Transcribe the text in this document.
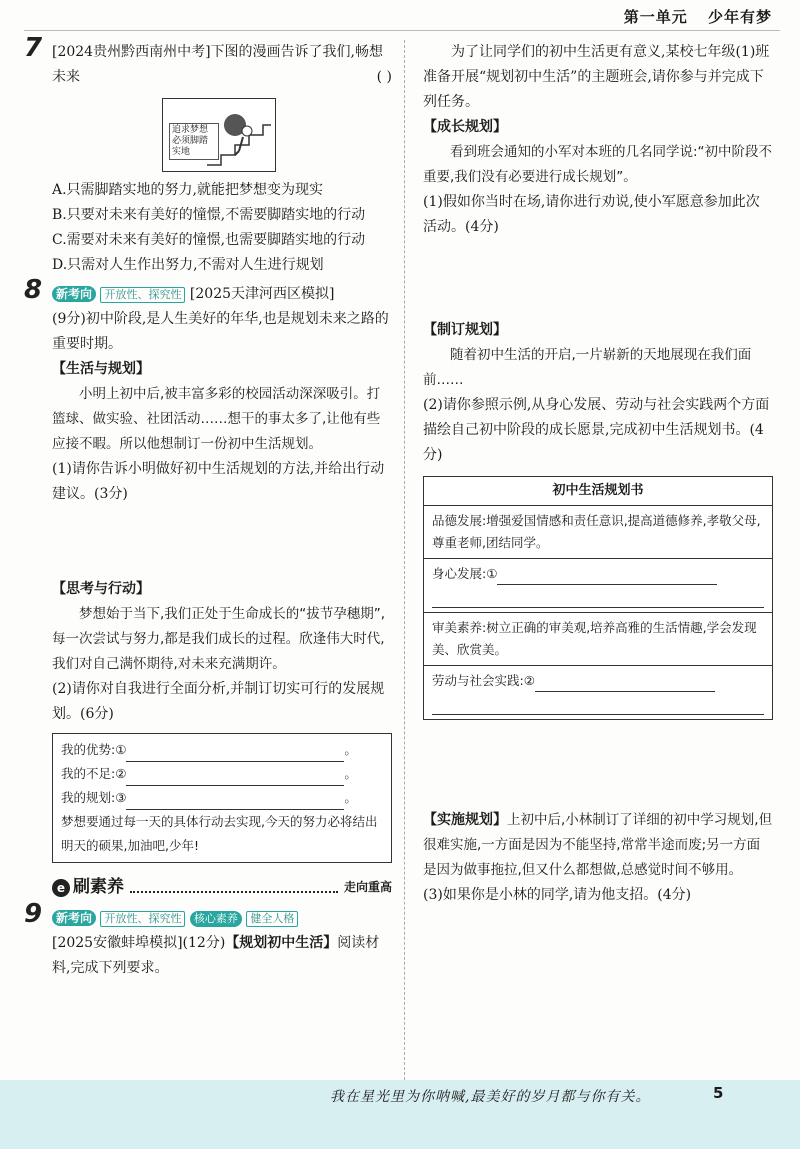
第一单元 少年有梦
7 [2024贵州黔西南州中考]下图的漫画告诉了我们,畅想未来	( )

追求梦想必须脚踏实地

A.只需脚踏实地的努力,就能把梦想变为现实

B.只要对未来有美好的憧憬,不需要脚踏实地的行动

C.需要对未来有美好的憧憬,也需要脚踏实地的行动

D.只需对人生作出努力,不需对人生进行规划

8	新考向 开放性、探究性 [2025天津河西区模拟]

(9分)初中阶段,是人生美好的年华,也是规划未来之路的重要时期。

【生活与规划】

小明上初中后,被丰富多彩的校园活动深深吸引。打篮球、做实验、社团活动……想干的事太多了,让他有些应接不暇。所以他想制订一份初中生活规划。

(1)请你告诉小明做好初中生活规划的方法,并给出行动建议。(3分)

【思考与行动】

梦想始于当下,我们正处于生命成长的“拔节孕穗期”,每一次尝试与努力,都是我们成长的过程。欣逢伟大时代,我们对自己满怀期待,对未来充满期许。

(2)请你对自我进行全面分析,并制订切实可行的发展规划。(6分)

我的优势:①	。
我的不足:②	。
我的规划:③	。
梦想要通过每一天的具体行动去实现,今天的努力必将结出明天的硕果,加油吧,少年!
e 刷素养	走向重高
9	新考向 开放性、探究性 核心素养 健全人格

[2025安徽蚌埠模拟](12分)【规划初中生活】阅读材料,完成下列要求。

为了让同学们的初中生活更有意义,某校七年级(1)班准备开展“规划初中生活”的主题班会,请你参与并完成下列任务。

【成长规划】

看到班会通知的小军对本班的几名同学说:“初中阶段不重要,我们没有必要进行成长规划”。

(1)假如你当时在场,请你进行劝说,使小军愿意参加此次活动。(4分)

【制订规划】

随着初中生活的开启,一片崭新的天地展现在我们面前……

(2)请你参照示例,从身心发展、劳动与社会实践两个方面描绘自己初中阶段的成长愿景,完成初中生活规划书。(4分)

初中生活规划书
品德发展:增强爱国情感和责任意识,提高道德修养,孝敬父母,尊重老师,团结同学。
身心发展:①
审美素养:树立正确的审美观,培养高雅的生活情趣,学会发现美、欣赏美。
劳动与社会实践:②

【实施规划】上初中后,小林制订了详细的初中学习规划,但很难实施,一方面是因为不能坚持,常常半途而废;另一方面是因为做事拖拉,但又什么都想做,总感觉时间不够用。

(3)如果你是小林的同学,请为他支招。(4分)

我在星光里为你呐喊,最美好的岁月都与你有关。	5
